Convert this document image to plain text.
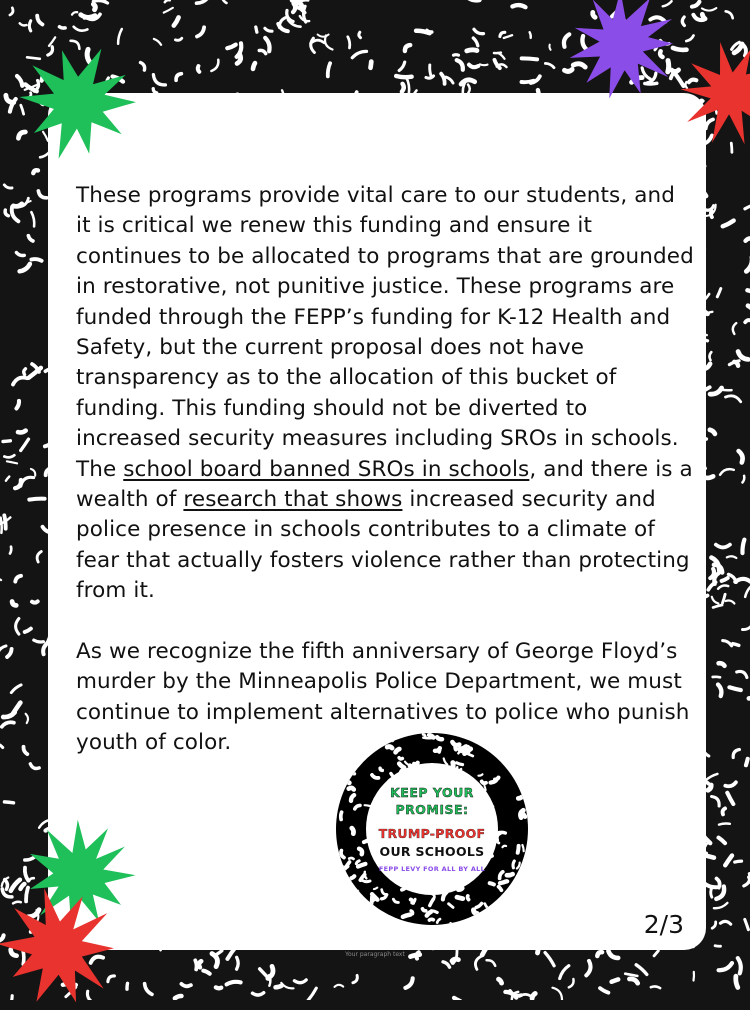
These programs provide vital care to our students, and it is critical we renew this funding and ensure it continues to be allocated to programs that are grounded in restorative, not punitive justice. These programs are funded through the FEPP’s funding for K-12 Health and Safety, but the current proposal does not have transparency as to the allocation of this bucket of funding. This funding should not be diverted to increased security measures including SROs in schools. The school board banned SROs in schools, and there is a wealth of research that shows increased security and police presence in schools contributes to a climate of fear that actually fosters violence rather than protecting from it.

As we recognize the fifth anniversary of George Floyd’s murder by the Minneapolis Police Department, we must continue to implement alternatives to police who punish youth of color.

KEEP YOUR
PROMISE:
TRUMP-PROOF
OUR SCHOOLS
FEPP LEVY FOR ALL BY ALL
2/3
Your paragraph text
